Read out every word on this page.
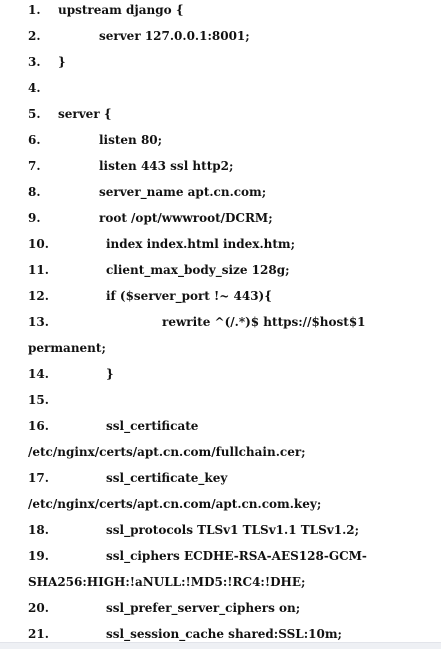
1.

upstream django {

2.

	server 127.0.0.1:8001;

3.

}

4.

5.

server {

6.

	listen 80;

7.

	listen 443 ssl http2;

8.

	server_name apt.cn.com;

9.

	root /opt/wwwroot/DCRM;

10.

	index index.html index.htm;

11.

	client_max_body_size 128g;

12.

	if ($server_port !~ 443){

13.

	rewrite ^(/.*)$ https://$host$1

permanent;

14.

	}

15.

16.

	ssl_certificate

/etc/nginx/certs/apt.cn.com/fullchain.cer;

17.

	ssl_certificate_key

/etc/nginx/certs/apt.cn.com/apt.cn.com.key;

18.

	ssl_protocols TLSv1 TLSv1.1 TLSv1.2;

19.

	ssl_ciphers ECDHE-RSA-AES128-GCM-

SHA256:HIGH:!aNULL:!MD5:!RC4:!DHE;

20.

	ssl_prefer_server_ciphers on;

21.

	ssl_session_cache shared:SSL:10m;
